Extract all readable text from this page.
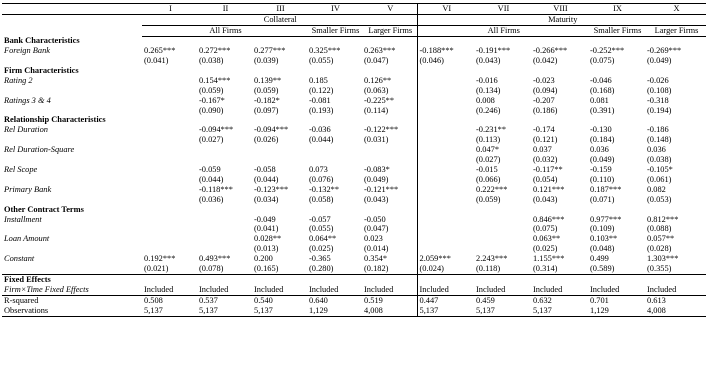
	I	II	III	IV	V	VI	VII	VIII	IX	X
	Collateral					Maturity				
	All Firms			Smaller Firms	Larger Firms	All Firms			Smaller Firms	Larger Firms
Bank Characteristics										
Foreign Bank	0.265***	0.272***	0.277***	0.325***	0.263***	-0.188***	-0.191***	-0.266***	-0.252***	-0.269***
	(0.041)	(0.038)	(0.039)	(0.055)	(0.047)	(0.046)	(0.043)	(0.042)	(0.075)	(0.049)
Firm Characteristics										
Rating 2		0.154***	0.139**	0.185	0.126**		-0.016	-0.023	-0.046	-0.026
		(0.059)	(0.059)	(0.122)	(0.063)		(0.134)	(0.094)	(0.168)	(0.108)
Ratings 3 & 4		-0.167*	-0.182*	-0.081	-0.225**		0.008	-0.207	0.081	-0.318
		(0.090)	(0.097)	(0.193)	(0.114)		(0.246)	(0.186)	(0.391)	(0.194)
Relationship Characteristics										
Rel Duration		-0.094***	-0.094***	-0.036	-0.122***		-0.231**	-0.174	-0.130	-0.186
		(0.027)	(0.026)	(0.044)	(0.031)		(0.113)	(0.121)	(0.184)	(0.148)
Rel Duration-Square							0.047*	0.037	0.036	0.036
							(0.027)	(0.032)	(0.049)	(0.038)
Rel Scope		-0.059	-0.058	0.073	-0.083*		-0.015	-0.117**	-0.159	-0.105*
		(0.044)	(0.044)	(0.076)	(0.049)		(0.066)	(0.054)	(0.110)	(0.061)
Primary Bank		-0.118***	-0.123***	-0.132**	-0.121***		0.222***	0.121***	0.187***	0.082
		(0.036)	(0.034)	(0.058)	(0.043)		(0.059)	(0.043)	(0.071)	(0.053)
Other Contract Terms										
Installment			-0.049	-0.057	-0.050			0.846***	0.977***	0.812***
			(0.041)	(0.055)	(0.047)			(0.075)	(0.109)	(0.088)
Loan Amount			0.028**	0.064**	0.023			0.063**	0.103**	0.057**
			(0.013)	(0.025)	(0.014)			(0.025)	(0.048)	(0.028)

Constant	0.192***	0.493***	0.200	-0.365	0.354*	2.059***	2.243***	1.155***	0.499	1.303***
	(0.021)	(0.078)	(0.165)	(0.280)	(0.182)	(0.024)	(0.118)	(0.314)	(0.589)	(0.355)
Fixed Effects										
Firm×Time Fixed Effects	Included	Included	Included	Included	Included	Included	Included	Included	Included	Included
R-squared	0.508	0.537	0.540	0.640	0.519	0.447	0.459	0.632	0.701	0.613
Observations	5,137	5,137	5,137	1,129	4,008	5,137	5,137	5,137	1,129	4,008
